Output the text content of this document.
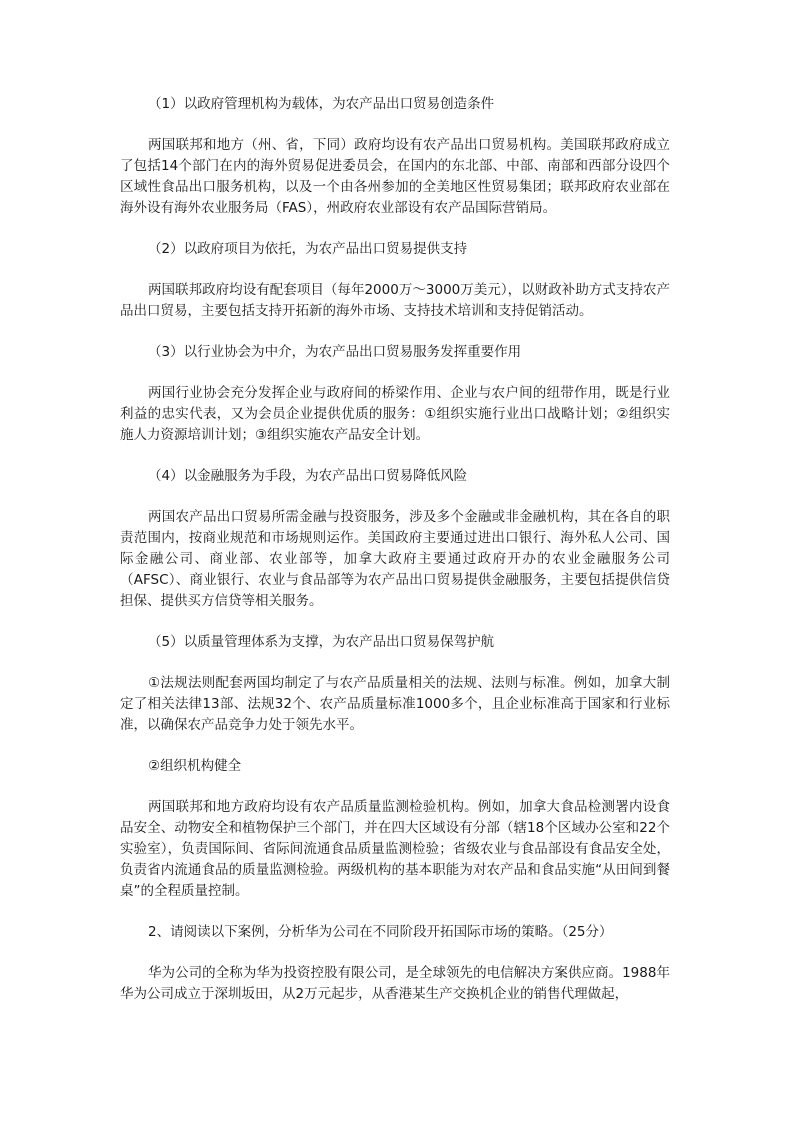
（1）以政府管理机构为载体，为农产品出口贸易创造条件

两国联邦和地方（州、省，下同）政府均设有农产品出口贸易机构。美国联邦政府成立了包括14个部门在内的海外贸易促进委员会，在国内的东北部、中部、南部和西部分设四个区域性食品出口服务机构，以及一个由各州参加的全美地区性贸易集团；联邦政府农业部在海外设有海外农业服务局（FAS），州政府农业部设有农产品国际营销局。

（2）以政府项目为依托，为农产品出口贸易提供支持

两国联邦政府均设有配套项目（每年2000万～3000万美元），以财政补助方式支持农产品出口贸易，主要包括支持开拓新的海外市场、支持技术培训和支持促销活动。

（3）以行业协会为中介，为农产品出口贸易服务发挥重要作用

两国行业协会充分发挥企业与政府间的桥梁作用、企业与农户间的纽带作用，既是行业利益的忠实代表，又为会员企业提供优质的服务：①组织实施行业出口战略计划；②组织实施人力资源培训计划；③组织实施农产品安全计划。

（4）以金融服务为手段，为农产品出口贸易降低风险

两国农产品出口贸易所需金融与投资服务，涉及多个金融或非金融机构，其在各自的职责范围内，按商业规范和市场规则运作。美国政府主要通过进出口银行、海外私人公司、国际金融公司、商业部、农业部等，加拿大政府主要通过政府开办的农业金融服务公司（AFSC）、商业银行、农业与食品部等为农产品出口贸易提供金融服务，主要包括提供信贷担保、提供买方信贷等相关服务。

（5）以质量管理体系为支撑，为农产品出口贸易保驾护航

①法规法则配套两国均制定了与农产品质量相关的法规、法则与标准。例如，加拿大制定了相关法律13部、法规32个、农产品质量标准1000多个，且企业标准高于国家和行业标准，以确保农产品竞争力处于领先水平。

②组织机构健全

两国联邦和地方政府均设有农产品质量监测检验机构。例如，加拿大食品检测署内设食品安全、动物安全和植物保护三个部门，并在四大区域设有分部（辖18个区域办公室和22个实验室），负责国际间、省际间流通食品质量监测检验；省级农业与食品部设有食品安全处，负责省内流通食品的质量监测检验。两级机构的基本职能为对农产品和食品实施“从田间到餐桌”的全程质量控制。

2、请阅读以下案例，分析华为公司在不同阶段开拓国际市场的策略。（25分）

华为公司的全称为华为投资控股有限公司，是全球领先的电信解决方案供应商。1988年华为公司成立于深圳坂田，从2万元起步，从香港某生产交换机企业的销售代理做起，
